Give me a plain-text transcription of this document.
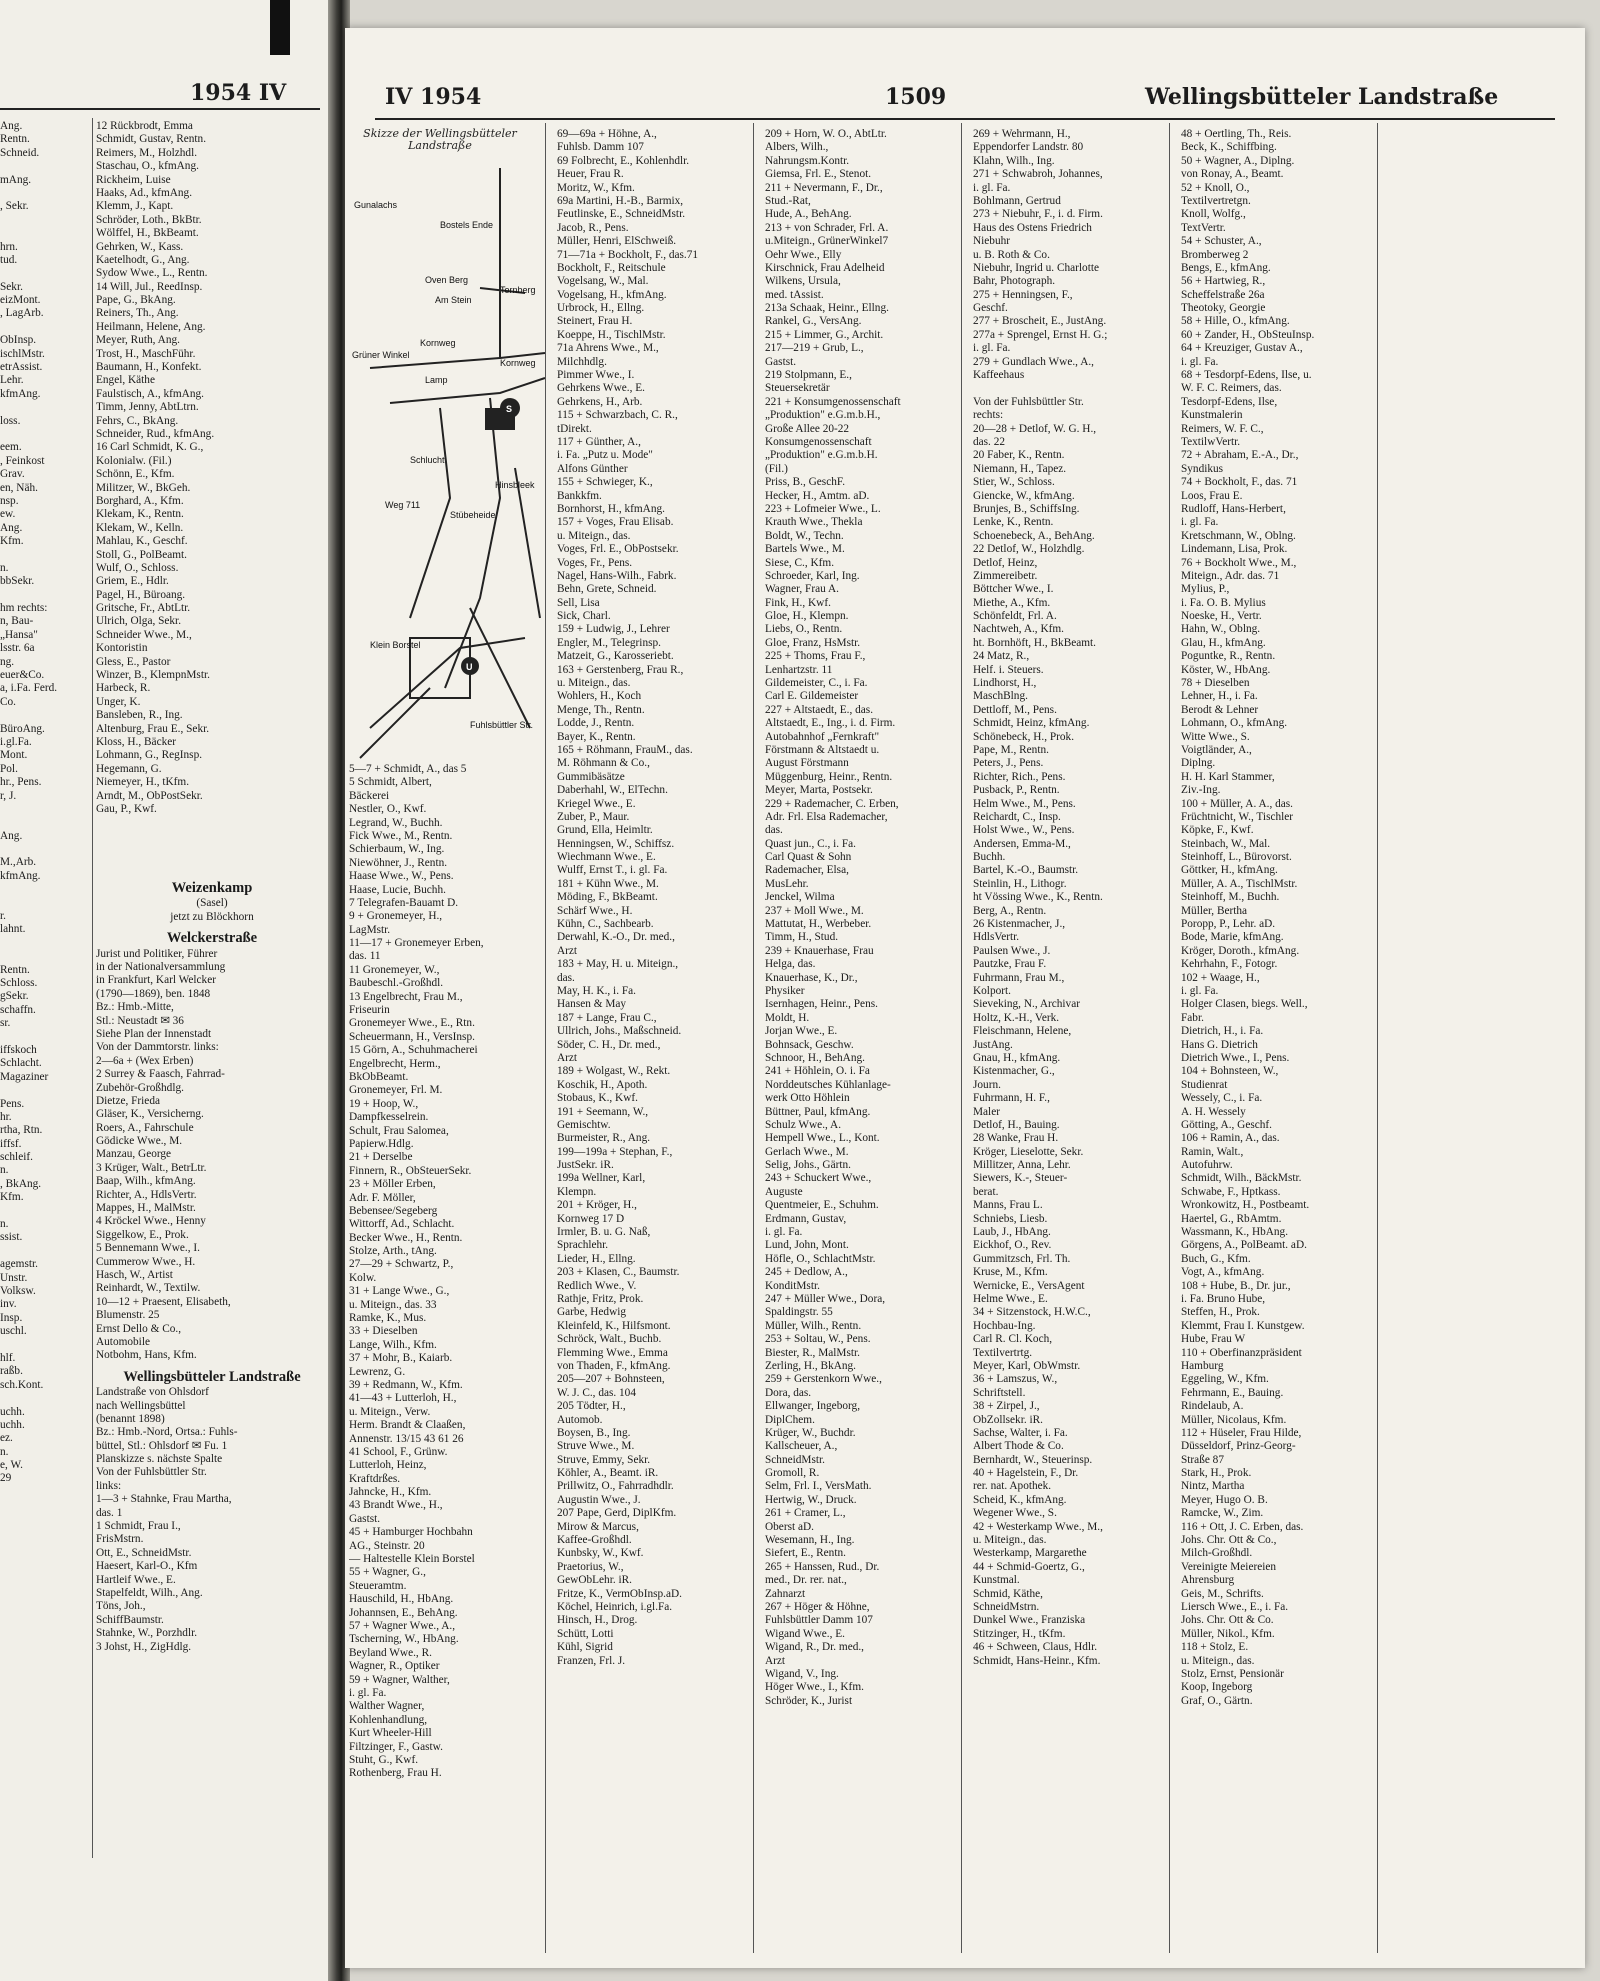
1954 IV
Ang.
Rentn.
Schneid.
mAng.
, Sekr.
hrn.
tud.
Sekr.
eizMont.
, LagArb.
ObInsp.
ischlMstr.
etrAssist.
Lehr.
kfmAng.
loss.
eem.
, Feinkost
Grav.
en, Näh.
nsp.
ew.
Ang.
Kfm.
n.
bbSekr.
hm rechts:
n, Bau-
„Hansa"
lsstr. 6a
ng.
euer&Co.
a, i.Fa. Ferd.
Co.
BüroAng.
i.gl.Fa.
Mont.
Pol.
hr., Pens.
r, J.
Ang.
M.,Arb.
kfmAng.
r.
lahnt.
Rentn.
Schloss.
gSekr.
schaffn.
sr.
iffskoch
Schlacht.
Magaziner
Pens.
hr.
rtha, Rtn.
iffsf.
schleif.
n.
, BkAng.
Kfm.
n.
ssist.
agemstr.
Unstr.
Volksw.
inv.
Insp.
uschl.
hlf.
raßb.
sch.Kont.
uchh.
uchh.
ez.
n.
e, W.
29
12 Rückbrodt, Emma
Schmidt, Gustav, Rentn.
Reimers, M., Holzhdl.
Staschau, O., kfmAng.
Rickheim, Luise
Haaks, Ad., kfmAng.
Klemm, J., Kapt.
Schröder, Loth., BkBtr.
Wölffel, H., BkBeamt.
Gehrken, W., Kass.
Kaetelhodt, G., Ang.
Sydow Wwe., L., Rentn.
14 Will, Jul., ReedInsp.
Pape, G., BkAng.
Reiners, Th., Ang.
Heilmann, Helene, Ang.
Meyer, Ruth, Ang.
Trost, H., MaschFühr.
Baumann, H., Konfekt.
Engel, Käthe
Faulstisch, A., kfmAng.
Timm, Jenny, AbtLtrn.
Fehrs, C., BkAng.
Schneider, Rud., kfmAng.
16 Carl Schmidt, K. G.,
Kolonialw. (Fil.)
Schönn, E., Kfm.
Militzer, W., BkGeh.
Borghard, A., Kfm.
Klekam, K., Rentn.
Klekam, W., Kelln.
Mahlau, K., Geschf.
Stoll, G., PolBeamt.
Wulf, O., Schloss.
Griem, E., Hdlr.
Pagel, H., Büroang.
Gritsche, Fr., AbtLtr.
Ulrich, Olga, Sekr.
Schneider Wwe., M.,
Kontoristin
Gless, E., Pastor
Winzer, B., KlempnMstr.
Harbeck, R.
Unger, K.
Bansleben, R., Ing.
Altenburg, Frau E., Sekr.
Kloss, H., Bäcker
Lohmann, G., RegInsp.
Hegemann, G.
Niemeyer, H., tKfm.
Arndt, M., ObPostSekr.
Gau, P., Kwf.
Weizenkamp
(Sasel)
jetzt zu Blöckhorn
Welckerstraße
Jurist und Politiker, Führer
in der Nationalversammlung
in Frankfurt, Karl Welcker
(1790—1869), ben. 1848
Bz.: Hmb.-Mitte,
Stl.: Neustadt ✉ 36
Siehe Plan der Innenstadt
Von der Dammtorstr. links:
2—6a + (Wex Erben)
2 Surrey & Faasch, Fahrrad-
Zubehör-Großhdlg.
Dietze, Frieda
Gläser, K., Versicherng.
Roers, A., Fahrschule
Gödicke Wwe., M.
Manzau, George
3 Krüger, Walt., BetrLtr.
Baap, Wilh., kfmAng.
Richter, A., HdlsVertr.
Mappes, H., MalMstr.
4 Kröckel Wwe., Henny
Siggelkow, E., Prok.
5 Bennemann Wwe., I.
Cummerow Wwe., H.
Hasch, W., Artist
Reinhardt, W., Textilw.
10—12 + Praesent, Elisabeth,
Blumenstr. 25
Ernst Dello & Co.,
Automobile
Notbohm, Hans, Kfm.
Wellingsbütteler Landstraße
Landstraße von Ohlsdorf
nach Wellingsbüttel
(benannt 1898)
Bz.: Hmb.-Nord, Ortsa.: Fuhls-
büttel, Stl.: Ohlsdorf ✉ Fu. 1
Planskizze s. nächste Spalte
Von der Fuhlsbüttler Str.
links:
1—3 + Stahnke, Frau Martha,
das. 1
1 Schmidt, Frau I.,
FrisMstrn.
Ott, E., SchneidMstr.
Haesert, Karl-O., Kfm
Hartleif Wwe., E.
Stapelfeldt, Wilh., Ang.
Töns, Joh.,
SchiffBaumstr.
Stahnke, W., Porzhdlr.
3 Johst, H., ZigHdlg.
IV 1954	1509	Wellingsbütteler Landstraße
Skizze der Wellingsbütteler Landstraße
Gunalachs
Bostels Ende
Oven Berg
Am Stein
Tornberg
Grüner Winkel
Kornweg
Kornweg
Lamp
Schlucht
Klein Borstel
Stübeheide
Hinsbleek
Fuhlsbüttler Str.
Weg 711
S
U
5—7 + Schmidt, A., das 5
5 Schmidt, Albert,
Bäckerei
Nestler, O., Kwf.
Legrand, W., Buchh.
Fick Wwe., M., Rentn.
Schierbaum, W., Ing.
Niewöhner, J., Rentn.
Haase Wwe., W., Pens.
Haase, Lucie, Buchh.
7 Telegrafen-Bauamt D.
9 + Gronemeyer, H.,
LagMstr.
11—17 + Gronemeyer Erben,
das. 11
11 Gronemeyer, W.,
Baubeschl.-Großhdl.
13 Engelbrecht, Frau M.,
Friseurin
Gronemeyer Wwe., E., Rtn.
Scheuermann, H., VersInsp.
15 Görn, A., Schuhmacherei
Engelbrecht, Herm.,
BkObBeamt.
Gronemeyer, Frl. M.
19 + Hoop, W.,
Dampfkesselrein.
Schult, Frau Salomea,
Papierw.Hdlg.
21 + Derselbe
Finnern, R., ObSteuerSekr.
23 + Möller Erben,
Adr. F. Möller,
Bebensee/Segeberg
Wittorff, Ad., Schlacht.
Becker Wwe., H., Rentn.
Stolze, Arth., tAng.
27—29 + Schwartz, P.,
Kolw.
31 + Lange Wwe., G.,
u. Miteign., das. 33
Ramke, K., Mus.
33 + Dieselben
Lange, Wilh., Kfm.
37 + Mohr, B., Kaiarb.
Lewrenz, G.
39 + Redmann, W., Kfm.
41—43 + Lutterloh, H.,
u. Miteign., Verw.
Herm. Brandt & Claaßen,
Annenstr. 13/15 43 61 26
41 School, F., Grünw.
Lutterloh, Heinz,
Kraftdrßes.
Jahncke, H., Kfm.
43 Brandt Wwe., H.,
Gastst.
45 + Hamburger Hochbahn
AG., Steinstr. 20
— Haltestelle Klein Borstel
55 + Wagner, G.,
Steueramtm.
Hauschild, H., HbAng.
Johannsen, E., BehAng.
57 + Wagner Wwe., A.,
Tscherning, W., HbAng.
Beyland Wwe., R.
Wagner, R., Optiker
59 + Wagner, Walther,
i. gl. Fa.
Walther Wagner,
Kohlenhandlung,
Kurt Wheeler-Hill
Filtzinger, F., Gastw.
Stuht, G., Kwf.
Rothenberg, Frau H.
69—69a + Höhne, A.,
Fuhlsb. Damm 107
69 Folbrecht, E., Kohlenhdlr.
Heuer, Frau R.
Moritz, W., Kfm.
69a Martini, H.-B., Barmix,
Feutlinske, E., SchneidMstr.
Jacob, R., Pens.
Müller, Henri, ElSchweiß.
71—71a + Bockholt, F., das.71
Bockholt, F., Reitschule
Vogelsang, W., Mal.
Vogelsang, H., kfmAng.
Urbrock, H., Ellng.
Steinert, Frau H.
Koeppe, H., TischlMstr.
71a Ahrens Wwe., M.,
Milchhdlg.
Pimmer Wwe., I.
Gehrkens Wwe., E.
Gehrkens, H., Arb.
115 + Schwarzbach, C. R.,
tDirekt.
117 + Günther, A.,
i. Fa. „Putz u. Mode"
Alfons Günther
155 + Schwieger, K.,
Bankkfm.
Bornhorst, H., kfmAng.
157 + Voges, Frau Elisab.
u. Miteign., das.
Voges, Frl. E., ObPostsekr.
Voges, Fr., Pens.
Nagel, Hans-Wilh., Fabrk.
Behn, Grete, Schneid.
Sell, Lisa
Sick, Charl.
159 + Ludwig, J., Lehrer
Engler, M., Telegrinsp.
Matzeit, G., Karosseriebt.
163 + Gerstenberg, Frau R.,
u. Miteign., das.
Wohlers, H., Koch
Menge, Th., Rentn.
Lodde, J., Rentn.
Bayer, K., Rentn.
165 + Röhmann, FrauM., das.
M. Röhmann & Co.,
Gummibäsätze
Daberhahl, W., ElTechn.
Kriegel Wwe., E.
Zuber, P., Maur.
Grund, Ella, Heimltr.
Henningsen, W., Schiffsz.
Wiechmann Wwe., E.
Wulff, Ernst T., i. gl. Fa.
181 + Kühn Wwe., M.
Möding, F., BkBeamt.
Schärf Wwe., H.
Kühn, C., Sachbearb.
Derwahl, K.-O., Dr. med.,
Arzt
183 + May, H. u. Miteign.,
das.
May, H. K., i. Fa.
Hansen & May
187 + Lange, Frau C.,
Ullrich, Johs., Maßschneid.
Söder, C. H., Dr. med.,
Arzt
189 + Wolgast, W., Rekt.
Koschik, H., Apoth.
Stobaus, K., Kwf.
191 + Seemann, W.,
Gemischtw.
Burmeister, R., Ang.
199—199a + Stephan, F.,
JustSekr. iR.
199a Wellner, Karl,
Klempn.
201 + Kröger, H.,
Kornweg 17 D
Irmler, B. u. G. Naß,
Sprachlehr.
Lieder, H., Ellng.
203 + Klasen, C., Baumstr.
Redlich Wwe., V.
Rathje, Fritz, Prok.
Garbe, Hedwig
Kleinfeld, K., Hilfsmont.
Schröck, Walt., Buchb.
Flemming Wwe., Emma
von Thaden, F., kfmAng.
205—207 + Bohnsteen,
W. J. C., das. 104
205 Tödter, H.,
Automob.
Boysen, B., Ing.
Struve Wwe., M.
Struve, Emmy, Sekr.
Köhler, A., Beamt. iR.
Prillwitz, O., Fahrradhdlr.
Augustin Wwe., J.
207 Pape, Gerd, DiplKfm.
Mirow & Marcus,
Kaffee-Großhdl.
Kunbsky, W., Kwf.
Praetorius, W.,
GewObLehr. iR.
Fritze, K., VermObInsp.aD.
Köchel, Heinrich, i.gl.Fa.
Hinsch, H., Drog.
Schütt, Lotti
Kühl, Sigrid
Franzen, Frl. J.
209 + Horn, W. O., AbtLtr.
Albers, Wilh.,
Nahrungsm.Kontr.
Giemsa, Frl. E., Stenot.
211 + Nevermann, F., Dr.,
Stud.-Rat,
Hude, A., BehAng.
213 + von Schrader, Frl. A.
u.Miteign., GrünerWinkel7
Oehr Wwe., Elly
Kirschnick, Frau Adelheid
Wilkens, Ursula,
med. tAssist.
213a Schaak, Heinr., Ellng.
Rankel, G., VersAng.
215 + Limmer, G., Archit.
217—219 + Grub, L.,
Gastst.
219 Stolpmann, E.,
Steuersekretär
221 + Konsumgenossenschaft
„Produktion" e.G.m.b.H.,
Große Allee 20-22
Konsumgenossenschaft
„Produktion" e.G.m.b.H.
(Fil.)
Priss, B., GeschF.
Hecker, H., Amtm. aD.
223 + Lofmeier Wwe., L.
Krauth Wwe., Thekla
Boldt, W., Techn.
Bartels Wwe., M.
Siese, C., Kfm.
Schroeder, Karl, Ing.
Wagner, Frau A.
Fink, H., Kwf.
Gloe, H., Klempn.
Liebs, O., Rentn.
Gloe, Franz, HsMstr.
225 + Thoms, Frau F.,
Lenhartzstr. 11
Gildemeister, C., i. Fa.
Carl E. Gildemeister
227 + Altstaedt, E., das.
Altstaedt, E., Ing., i. d. Firm.
Autobahnhof „Fernkraft"
Förstmann & Altstaedt u.
August Förstmann
Müggenburg, Heinr., Rentn.
Meyer, Marta, Postsekr.
229 + Rademacher, C. Erben,
Adr. Frl. Elsa Rademacher,
das.
Quast jun., C., i. Fa.
Carl Quast & Sohn
Rademacher, Elsa,
MusLehr.
Jenckel, Wilma
237 + Moll Wwe., M.
Mattutat, H., Werbeber.
Timm, H., Stud.
239 + Knauerhase, Frau
Helga, das.
Knauerhase, K., Dr.,
Physiker
Isernhagen, Heinr., Pens.
Moldt, H.
Jorjan Wwe., E.
Bohnsack, Geschw.
Schnoor, H., BehAng.
241 + Höhlein, O. i. Fa
Norddeutsches Kühlanlage-
werk Otto Höhlein
Büttner, Paul, kfmAng.
Schulz Wwe., A.
Hempell Wwe., L., Kont.
Gerlach Wwe., M.
Selig, Johs., Gärtn.
243 + Schuckert Wwe.,
Auguste
Quentmeier, E., Schuhm.
Erdmann, Gustav,
i. gl. Fa.
Lund, John, Mont.
Höfle, O., SchlachtMstr.
245 + Dedlow, A.,
KonditMstr.
247 + Müller Wwe., Dora,
Spaldingstr. 55
Müller, Wilh., Rentn.
253 + Soltau, W., Pens.
Biester, R., MalMstr.
Zerling, H., BkAng.
259 + Gerstenkorn Wwe.,
Dora, das.
Ellwanger, Ingeborg,
DiplChem.
Krüger, W., Buchdr.
Kallscheuer, A.,
SchneidMstr.
Gromoll, R.
Selm, Frl. I., VersMath.
Hertwig, W., Druck.
261 + Cramer, L.,
Oberst aD.
Wesemann, H., Ing.
Siefert, E., Rentn.
265 + Hanssen, Rud., Dr.
med., Dr. rer. nat.,
Zahnarzt
267 + Höger & Höhne,
Fuhlsbüttler Damm 107
Wigand Wwe., E.
Wigand, R., Dr. med.,
Arzt
Wigand, V., Ing.
Höger Wwe., I., Kfm.
Schröder, K., Jurist
269 + Wehrmann, H.,
Eppendorfer Landstr. 80
Klahn, Wilh., Ing.
271 + Schwabroh, Johannes,
i. gl. Fa.
Bohlmann, Gertrud
273 + Niebuhr, F., i. d. Firm.
Haus des Ostens Friedrich
Niebuhr
u. B. Roth & Co.
Niebuhr, Ingrid u. Charlotte
Bahr, Photograph.
275 + Henningsen, F.,
Geschf.
277 + Broscheit, E., JustAng.
277a + Sprengel, Ernst H. G.;
i. gl. Fa.
279 + Gundlach Wwe., A.,
Kaffeehaus
Von der Fuhlsbüttler Str.
rechts:
20—28 + Detlof, W. G. H.,
das. 22
20 Faber, K., Rentn.
Niemann, H., Tapez.
Stier, W., Schloss.
Giencke, W., kfmAng.
Brunjes, B., SchiffsIng.
Lenke, K., Rentn.
Schoenebeck, A., BehAng.
22 Detlof, W., Holzhdlg.
Detlof, Heinz,
Zimmereibetr.
Böttcher Wwe., I.
Miethe, A., Kfm.
Schönfeldt, Frl. A.
Nachtweh, A., Kfm.
ht. Bornhöft, H., BkBeamt.
24 Matz, R.,
Helf. i. Steuers.
Lindhorst, H.,
MaschBlng.
Dettloff, M., Pens.
Schmidt, Heinz, kfmAng.
Schönebeck, H., Prok.
Pape, M., Rentn.
Peters, J., Pens.
Richter, Rich., Pens.
Pusback, P., Rentn.
Helm Wwe., M., Pens.
Reichardt, C., Insp.
Holst Wwe., W., Pens.
Andersen, Emma-M.,
Buchh.
Bartel, K.-O., Baumstr.
Steinlin, H., Lithogr.
ht Vössing Wwe., K., Rentn.
Berg, A., Rentn.
26 Kistenmacher, J.,
HdlsVertr.
Paulsen Wwe., J.
Pautzke, Frau F.
Fuhrmann, Frau M.,
Kolport.
Sieveking, N., Archivar
Holtz, K.-H., Verk.
Fleischmann, Helene,
JustAng.
Gnau, H., kfmAng.
Kistenmacher, G.,
Journ.
Fuhrmann, H. F.,
Maler
Detlof, H., Bauing.
28 Wanke, Frau H.
Kröger, Lieselotte, Sekr.
Millitzer, Anna, Lehr.
Siewers, K.-, Steuer-
berat.
Manns, Frau L.
Schniebs, Liesb.
Laub, J., HbAng.
Eickhof, O., Rev.
Gummitzsch, Frl. Th.
Kruse, M., Kfm.
Wernicke, E., VersAgent
Helme Wwe., E.
34 + Sitzenstock, H.W.C.,
Hochbau-Ing.
Carl R. Cl. Koch,
Textilvertrtg.
Meyer, Karl, ObWmstr.
36 + Lamszus, W.,
Schriftstell.
38 + Zirpel, J.,
ObZollsekr. iR.
Sachse, Walter, i. Fa.
Albert Thode & Co.
Bernhardt, W., Steuerinsp.
40 + Hagelstein, F., Dr.
rer. nat. Apothek.
Scheid, K., kfmAng.
Wegener Wwe., S.
42 + Westerkamp Wwe., M.,
u. Miteign., das.
Westerkamp, Margarethe
44 + Schmid-Goertz, G.,
Kunstmal.
Schmid, Käthe,
SchneidMstrn.
Dunkel Wwe., Franziska
Stitzinger, H., tKfm.
46 + Schween, Claus, Hdlr.
Schmidt, Hans-Heinr., Kfm.
48 + Oertling, Th., Reis.
Beck, K., Schiffbing.
50 + Wagner, A., Diplng.
von Ronay, A., Beamt.
52 + Knoll, O.,
Textilvertretgn.
Knoll, Wolfg.,
TextVertr.
54 + Schuster, A.,
Bromberweg 2
Bengs, E., kfmAng.
56 + Hartwieg, R.,
Scheffelstraße 26a
Theotoky, Georgie
58 + Hille, O., kfmAng.
60 + Zander, H., ObSteuInsp.
64 + Kreuziger, Gustav A.,
i. gl. Fa.
68 + Tesdorpf-Edens, Ilse, u.
W. F. C. Reimers, das.
Tesdorpf-Edens, Ilse,
Kunstmalerin
Reimers, W. F. C.,
TextilwVertr.
72 + Abraham, E.-A., Dr.,
Syndikus
74 + Bockholt, F., das. 71
Loos, Frau E.
Rudloff, Hans-Herbert,
i. gl. Fa.
Kretschmann, W., Oblng.
Lindemann, Lisa, Prok.
76 + Bockholt Wwe., M.,
Miteign., Adr. das. 71
Mylius, P.,
i. Fa. O. B. Mylius
Noeske, H., Vertr.
Hahn, W., Oblng.
Glau, H., kfmAng.
Poguntke, R., Rentn.
Köster, W., HbAng.
78 + Dieselben
Lehner, H., i. Fa.
Berodt & Lehner
Lohmann, O., kfmAng.
Witte Wwe., S.
Voigtländer, A.,
Diplng.
H. H. Karl Stammer,
Ziv.-Ing.
100 + Müller, A. A., das.
Früchtnicht, W., Tischler
Köpke, F., Kwf.
Steinbach, W., Mal.
Steinhoff, L., Bürovorst.
Göttker, H., kfmAng.
Müller, A. A., TischlMstr.
Steinhoff, M., Buchh.
Müller, Bertha
Poropp, P., Lehr. aD.
Bode, Marie, kfmAng.
Kröger, Doroth., kfmAng.
Kehrhahn, F., Fotogr.
102 + Waage, H.,
i. gl. Fa.
Holger Clasen, biegs. Well.,
Fabr.
Dietrich, H., i. Fa.
Hans G. Dietrich
Dietrich Wwe., I., Pens.
104 + Bohnsteen, W.,
Studienrat
Wessely, C., i. Fa.
A. H. Wessely
Götting, A., Geschf.
106 + Ramin, A., das.
Ramin, Walt.,
Autofuhrw.
Schmidt, Wilh., BäckMstr.
Schwabe, F., Hptkass.
Wronkowitz, H., Postbeamt.
Haertel, G., RbAmtm.
Wassmann, K., HbAng.
Görgens, A., PolBeamt. aD.
Buch, G., Kfm.
Vogt, A., kfmAng.
108 + Hube, B., Dr. jur.,
i. Fa. Bruno Hube,
Steffen, H., Prok.
Klemmt, Frau I. Kunstgew.
Hube, Frau W
110 + Oberfinanzpräsident
Hamburg
Eggeling, W., Kfm.
Fehrmann, E., Bauing.
Rindelaub, A.
Müller, Nicolaus, Kfm.
112 + Hüseler, Frau Hilde,
Düsseldorf, Prinz-Georg-
Straße 87
Stark, H., Prok.
Nintz, Martha
Meyer, Hugo O. B.
Ramcke, W., Zim.
116 + Ott, J. C. Erben, das.
Johs. Chr. Ott & Co.,
Milch-Großhdl.
Vereinigte Meiereien
Ahrensburg
Geis, M., Schrifts.
Liersch Wwe., E., i. Fa.
Johs. Chr. Ott & Co.
Müller, Nikol., Kfm.
118 + Stolz, E.
u. Miteign., das.
Stolz, Ernst, Pensionär
Koop, Ingeborg
Graf, O., Gärtn.
